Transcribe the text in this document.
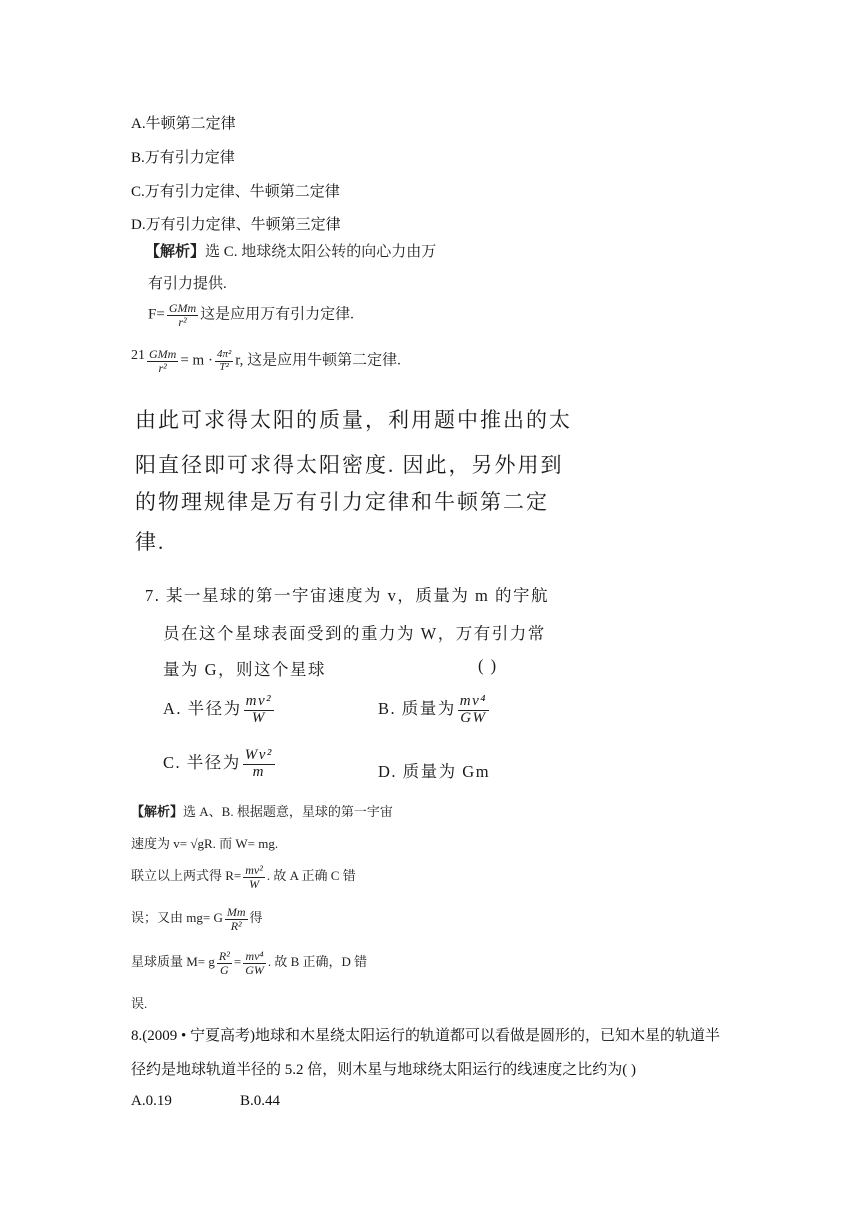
A.牛顿第二定律
B.万有引力定律
C.万有引力定律、牛顿第二定律
D.万有引力定律、牛顿第三定律
【解析】选 C. 地球绕太阳公转的向心力由万
有引力提供.
$F= \frac{\text{GMm}}{\text{r²}}$ 这是应用万有引力定律.
$21 \frac{\text{GMm}}{\text{r²}} = m \cdot \frac{\text{4π²}}{\text{T²}} r$, 这是应用牛顿第二定律.
由此可求得太阳的质量，利用题中推出的太
阳直径即可求得太阳密度. 因此，另外用到
的物理规律是万有引力定律和牛顿第二定
律.
7. 某一星球的第一宇宙速度为 v，质量为 m 的宇航
员在这个星球表面受到的重力为 W，万有引力常
量为 G，则这个星球	( )
A. 半径为 $\frac{\text{mv²}}{W}$	B. 质量为 $\frac{\text{mv⁴}}{GW}$
C. 半径为 $\frac{\text{Wv²}}{m}$	D. 质量为 Gm
【解析】选 A、B. 根据题意，星球的第一宇宙
速度为 v= √gR. 而 W= mg.
联立以上两式得 $R= \frac{\text{mv²}}{W}$ . 故 A 正确 C 错
误；又由 mg= G $\frac{Mm}{\text{R²}}$ 得
星球质量 M= g $\frac{\text{R²}}{G} = \frac{\text{mv⁴}}{GW}$ . 故 B 正确，D 错
误.
8.(2009 • 宁夏高考)地球和木星绕太阳运行的轨道都可以看做是圆形的，已知木星的轨道半
径约是地球轨道半径的 5.2 倍，则木星与地球绕太阳运行的线速度之比约为( )
A.0.19	B.0.44
